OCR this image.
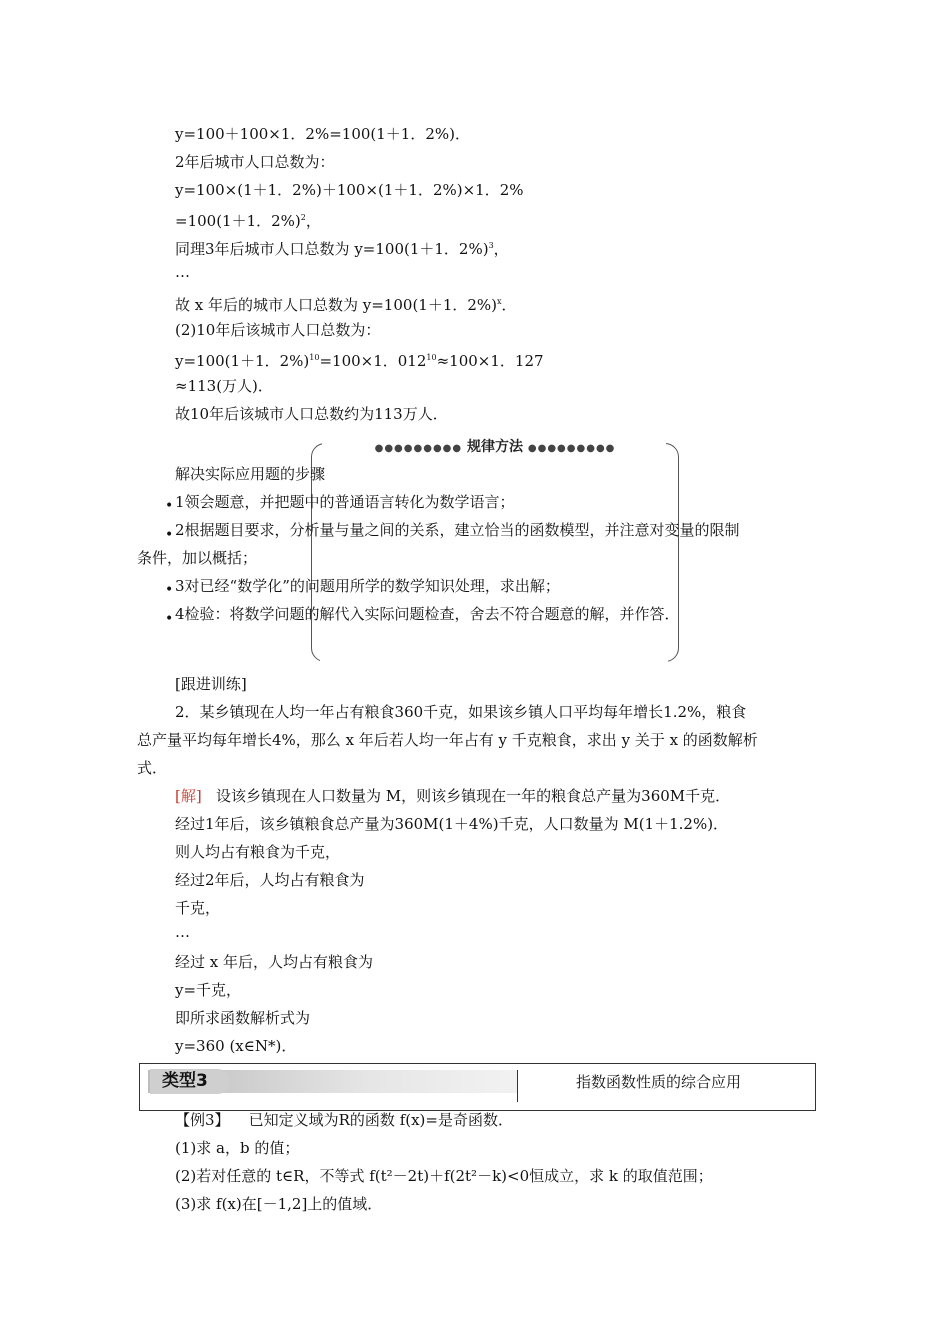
y=100＋100×1．2%=100(1＋1．2%)．
2年后城市人口总数为：
y=100×(1＋1．2%)＋100×(1＋1．2%)×1．2%
=100(1＋1．2%)$^2$，
同理3年后城市人口总数为 y=100(1＋1．2%)$^3$，
…
故 x 年后的城市人口总数为 y=100(1＋1．2%)$^x$．
(2)10年后该城市人口总数为：
y=100(1＋1．2%)$^{10}$=100×1．$012^{10}\approx 100\times 1$．127
≈113(万人)．
故10年后该城市人口总数约为113万人．
●●●●●●●●● 规律方法 ●●●●●●●●●
解决实际应用题的步骤
• 1领会题意，并把题中的普通语言转化为数学语言；
• 2根据题目要求，分析量与量之间的关系，建立恰当的函数模型，并注意对变量的限制
条件，加以概括；
• 3对已经“数学化”的问题用所学的数学知识处理，求出解；
• 4检验：将数学问题的解代入实际问题检查，舍去不符合题意的解，并作答．
[跟进训练]
2．某乡镇现在人均一年占有粮食360千克，如果该乡镇人口平均每年增长1.2%，粮食
总产量平均每年增长4%，那么 x 年后若人均一年占有 y 千克粮食，求出 y 关于 x 的函数解析
式．
[解] 设该乡镇现在人口数量为 M，则该乡镇现在一年的粮食总产量为360M千克．
经过1年后，该乡镇粮食总产量为360M(1＋4%)千克，人口数量为 M(1＋1.2%)．
则人均占有粮食为千克，
经过2年后，人均占有粮食为
千克，
…
经过 x 年后，人均占有粮食为
y=千克，
即所求函数解析式为
y=360 (x∈N*)．
类型3	指数函数性质的综合应用
【例3】 已知定义域为R的函数 f(x)=是奇函数．
(1)求 a，b 的值；
(2)若对任意的 t∈R，不等式 f(t²－2t)＋f(2t²－k)<0恒成立，求 k 的取值范围；
(3)求 f(x)在[－1,2]上的值域．
